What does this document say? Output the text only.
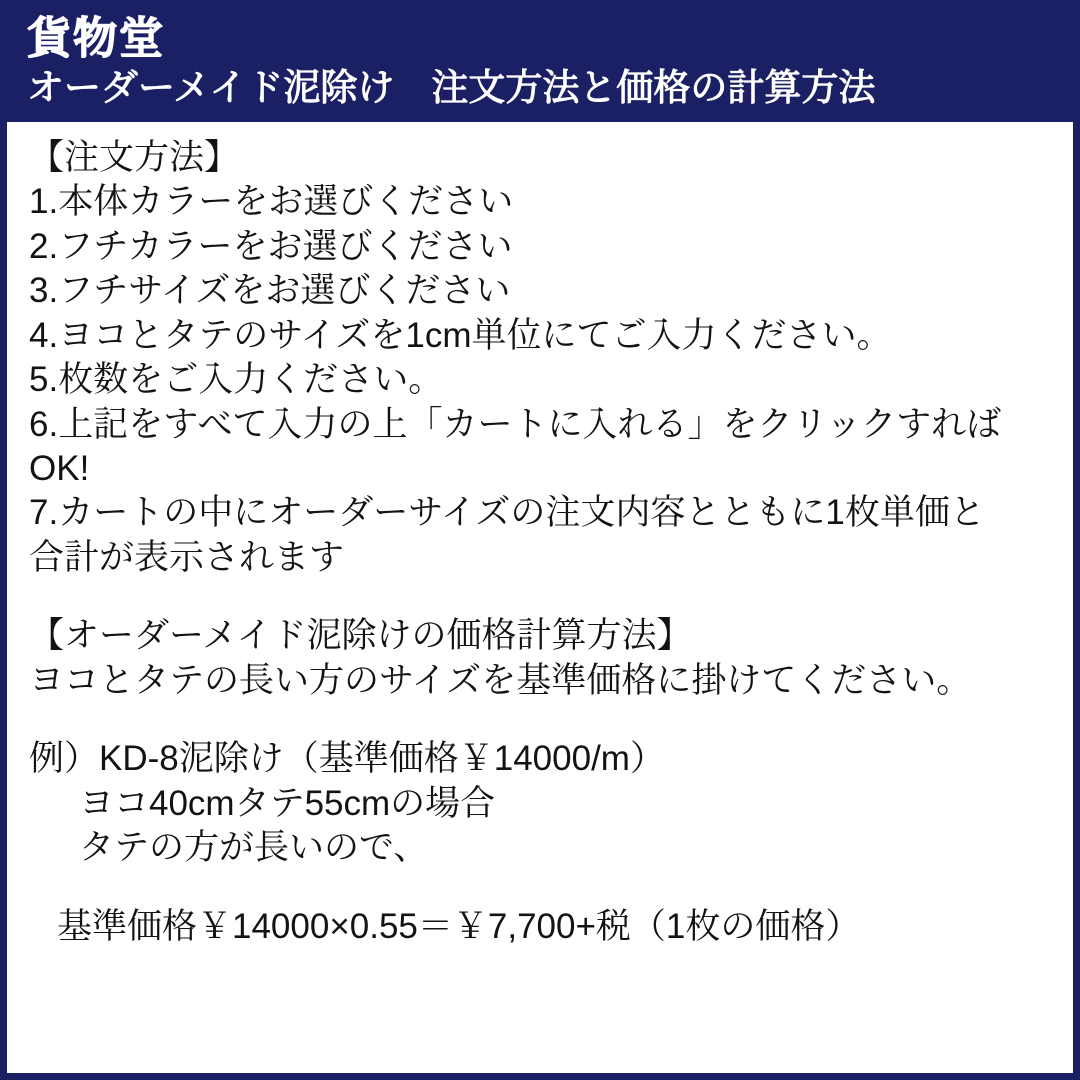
貨物堂
オーダーメイド泥除け　注文方法と価格の計算方法
【注文方法】
1.本体カラーをお選びください
2.フチカラーをお選びください
3.フチサイズをお選びください
4.ヨコとタテのサイズを1cm単位にてご入力ください。
5.枚数をご入力ください。
6.上記をすべて入力の上「カートに入れる」をクリックすれば
OK!
7.カートの中にオーダーサイズの注文内容とともに1枚単価と
合計が表示されます
【オーダーメイド泥除けの価格計算方法】
ヨコとタテの長い方のサイズを基準価格に掛けてください。
例）KD-8泥除け（基準価格￥14000/m）
ヨコ40cmタテ55cmの場合
タテの方が長いので、
基準価格￥14000×0.55＝￥7,700+税（1枚の価格）
